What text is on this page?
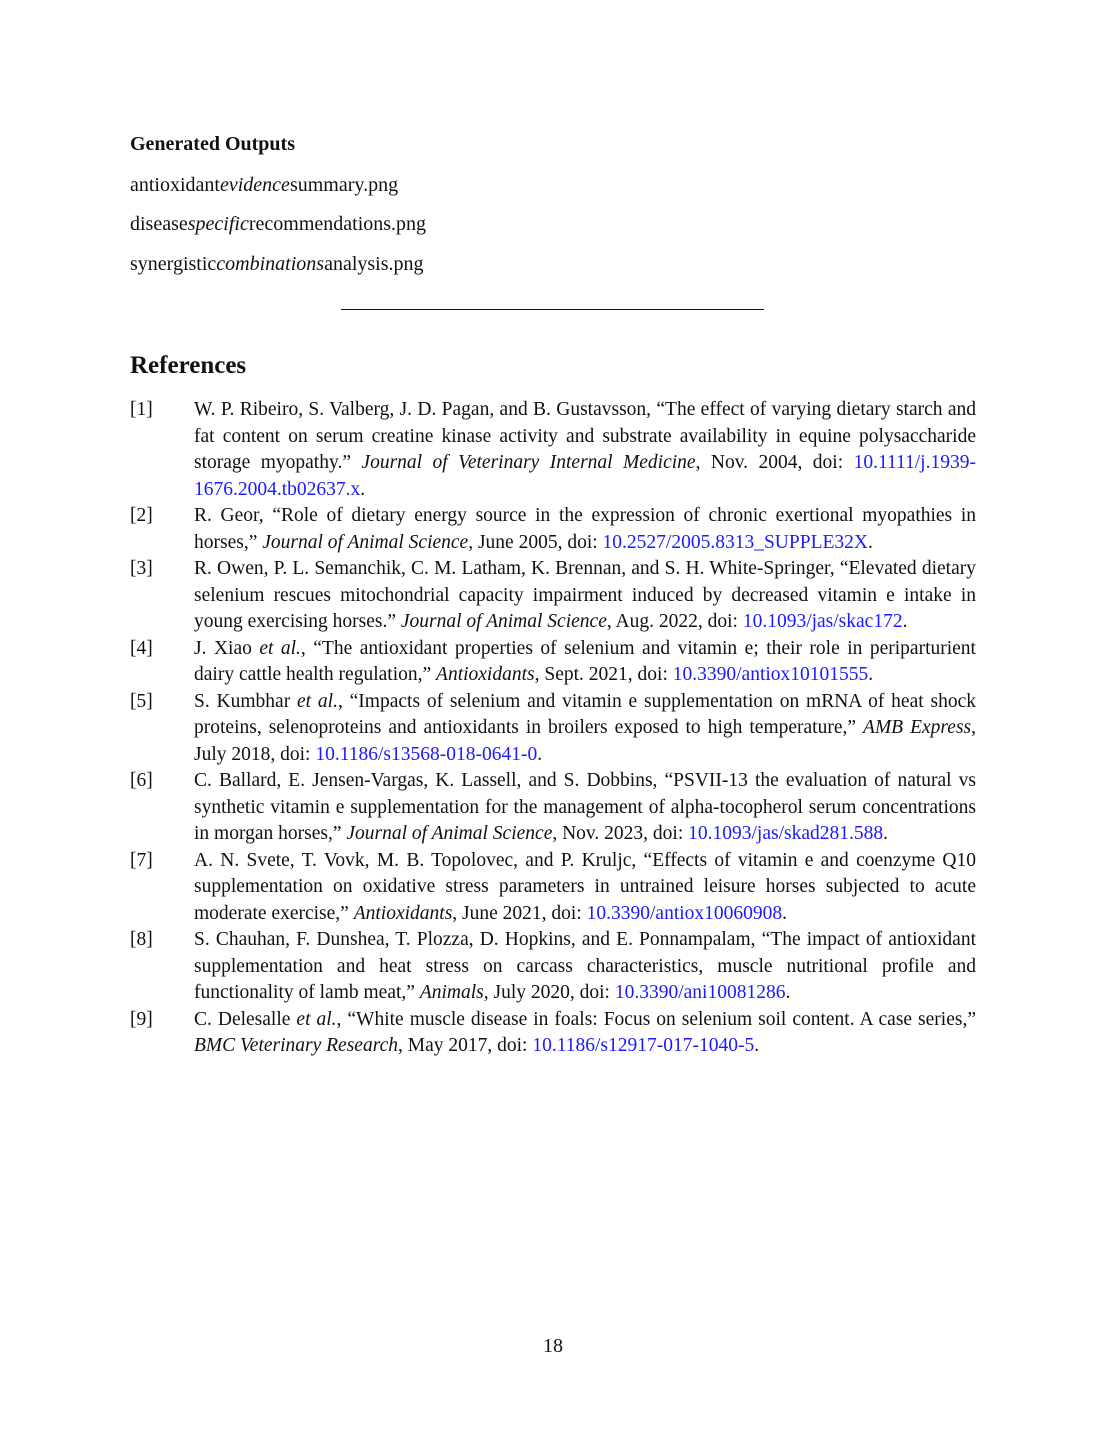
Generated Outputs
antioxidantevidencesummary.png
diseasespecificrecommendations.png
synergisticcombinationsanalysis.png
References
[1] W. P. Ribeiro, S. Valberg, J. D. Pagan, and B. Gustavsson, “The effect of varying dietary starch and fat content on serum creatine kinase activity and substrate availability in equine polysaccharide storage myopathy.” Journal of Veterinary Internal Medicine, Nov. 2004, doi: 10.1111/j.1939-1676.2004.tb02637.x.
[2] R. Geor, “Role of dietary energy source in the expression of chronic exertional myopathies in horses,” Journal of Animal Science, June 2005, doi: 10.2527/2005.8313_SUPPLE32X.
[3] R. Owen, P. L. Semanchik, C. M. Latham, K. Brennan, and S. H. White-Springer, “Elevated dietary selenium rescues mitochondrial capacity impairment induced by decreased vitamin e intake in young exercising horses.” Journal of Animal Science, Aug. 2022, doi: 10.1093/jas/skac172.
[4] J. Xiao et al., “The antioxidant properties of selenium and vitamin e; their role in periparturient dairy cattle health regulation,” Antioxidants, Sept. 2021, doi: 10.3390/antiox10101555.
[5] S. Kumbhar et al., “Impacts of selenium and vitamin e supplementation on mRNA of heat shock proteins, selenoproteins and antioxidants in broilers exposed to high temperature,” AMB Express, July 2018, doi: 10.1186/s13568-018-0641-0.
[6] C. Ballard, E. Jensen-Vargas, K. Lassell, and S. Dobbins, “PSVII-13 the evaluation of natural vs synthetic vitamin e supplementation for the management of alpha-tocopherol serum concentrations in morgan horses,” Journal of Animal Science, Nov. 2023, doi: 10.1093/jas/skad281.588.
[7] A. N. Svete, T. Vovk, M. B. Topolovec, and P. Kruljc, “Effects of vitamin e and coenzyme Q10 supplementation on oxidative stress parameters in untrained leisure horses subjected to acute moderate exercise,” Antioxidants, June 2021, doi: 10.3390/antiox10060908.
[8] S. Chauhan, F. Dunshea, T. Plozza, D. Hopkins, and E. Ponnampalam, “The impact of antioxidant supplementation and heat stress on carcass characteristics, muscle nutritional profile and functionality of lamb meat,” Animals, July 2020, doi: 10.3390/ani10081286.
[9] C. Delesalle et al., “White muscle disease in foals: Focus on selenium soil content. A case series,” BMC Veterinary Research, May 2017, doi: 10.1186/s12917-017-1040-5.
18
